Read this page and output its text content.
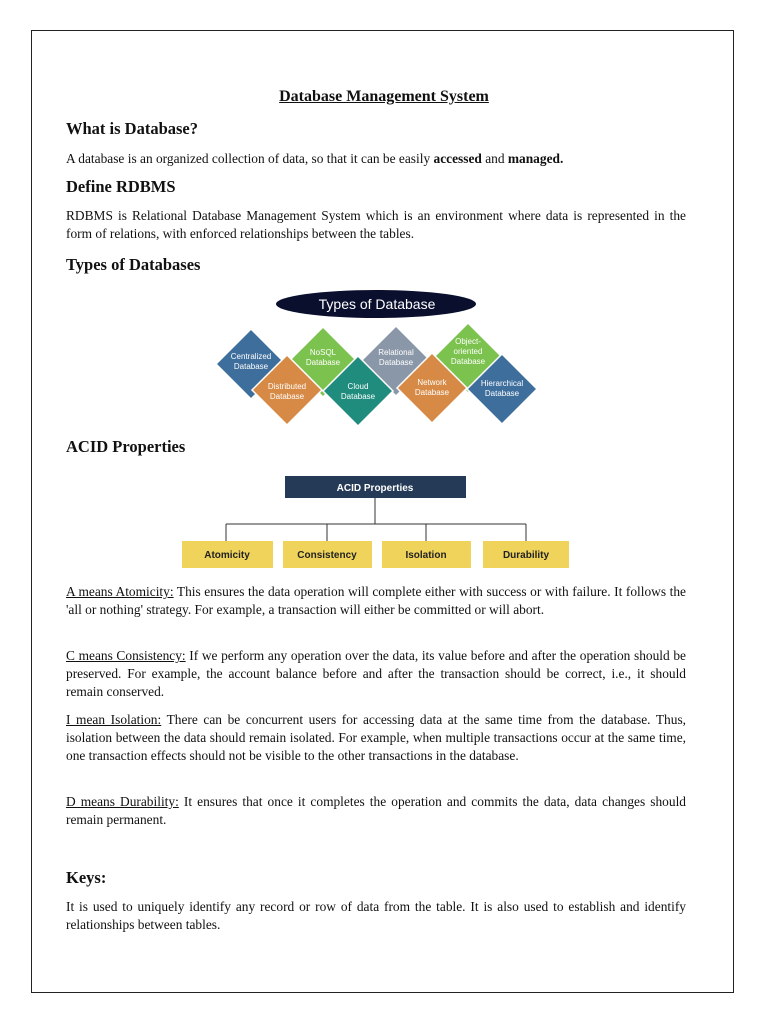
Database Management System
What is Database?

A database is an organized collection of data, so that it can be easily accessed and managed.

Define RDBMS

RDBMS is Relational Database Management System which is an environment where data is represented in the form of relations, with enforced relationships between the tables.

Types of Databases
Types of Database
Centralized
Database
NoSQL
Database
Relational
Database
Object-
oriented
Database
Distributed
Database
Cloud
Database
Network
Database
Hierarchical
Database
ACID Properties
Atomicity	Consistency	Isolation	Durability
ACID Properties

A means Atomicity: This ensures the data operation will complete either with success or with failure. It follows the 'all or nothing' strategy. For example, a transaction will either be committed or will abort.

C means Consistency: If we perform any operation over the data, its value before and after the operation should be preserved. For example, the account balance before and after the transaction should be correct, i.e., it should remain conserved.

I mean Isolation: There can be concurrent users for accessing data at the same time from the database. Thus, isolation between the data should remain isolated. For example, when multiple transactions occur at the same time, one transaction effects should not be visible to the other transactions in the database.

D means Durability: It ensures that once it completes the operation and commits the data, data changes should remain permanent.

Keys:

It is used to uniquely identify any record or row of data from the table. It is also used to establish and identify relationships between tables.
